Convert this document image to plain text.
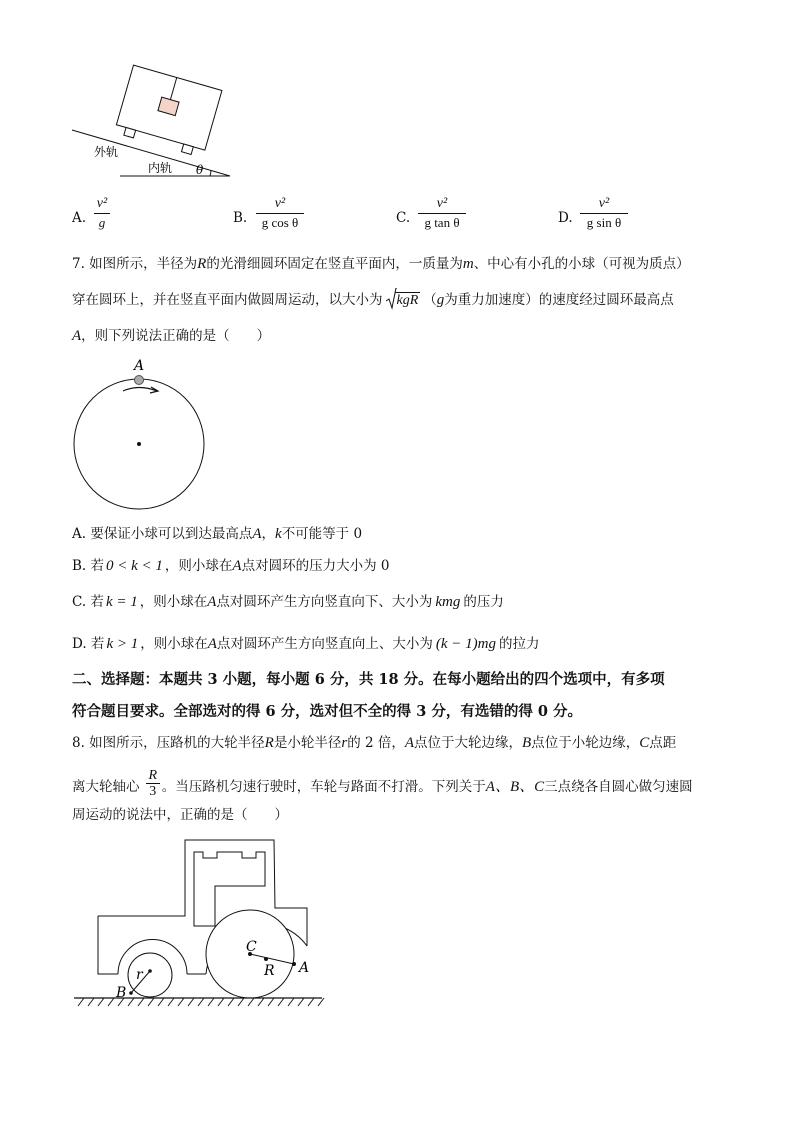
外轨
内轨 θ
A.
v²
g	B.
v²
g cos θ	C.
v²
g tan θ	D.
v²
g sin θ
7. 如图所示，半径为R的光滑细圆环固定在竖直平面内，一质量为m、中心有小孔的小球（可视为质点）
穿在圆环上，并在竖直平面内做圆周运动，以大小为 kgR （g为重力加速度）的速度经过圆环最高点
A，则下列说法正确的是（　　）
A
A. 要保证小球可以到达最高点A，k不可能等于 0
B. 若 0 < k < 1 ，则小球在A点对圆环的压力大小为 0
C. 若 k = 1 ，则小球在A点对圆环产生方向竖直向下、大小为 kmg 的压力
D. 若 k > 1 ，则小球在A点对圆环产生方向竖直向上、大小为 (k − 1)mg 的拉力
二、选择题：本题共 3 小题，每小题 6 分，共 18 分。在每小题给出的四个选项中，有多项
符合题目要求。全部选对的得 6 分，选对但不全的得 3 分，有选错的得 0 分。
8. 如图所示，压路机的大轮半径R是小轮半径r的 2 倍，A点位于大轮边缘，B点位于小轮边缘，C点距
离大轮轴心 $\frac{R}{3}$ 。当压路机匀速行驶时，车轮与路面不打滑。下列关于A、B、C三点绕各自圆心做匀速圆
周运动的说法中，正确的是（　　）
C
R A
r
B
